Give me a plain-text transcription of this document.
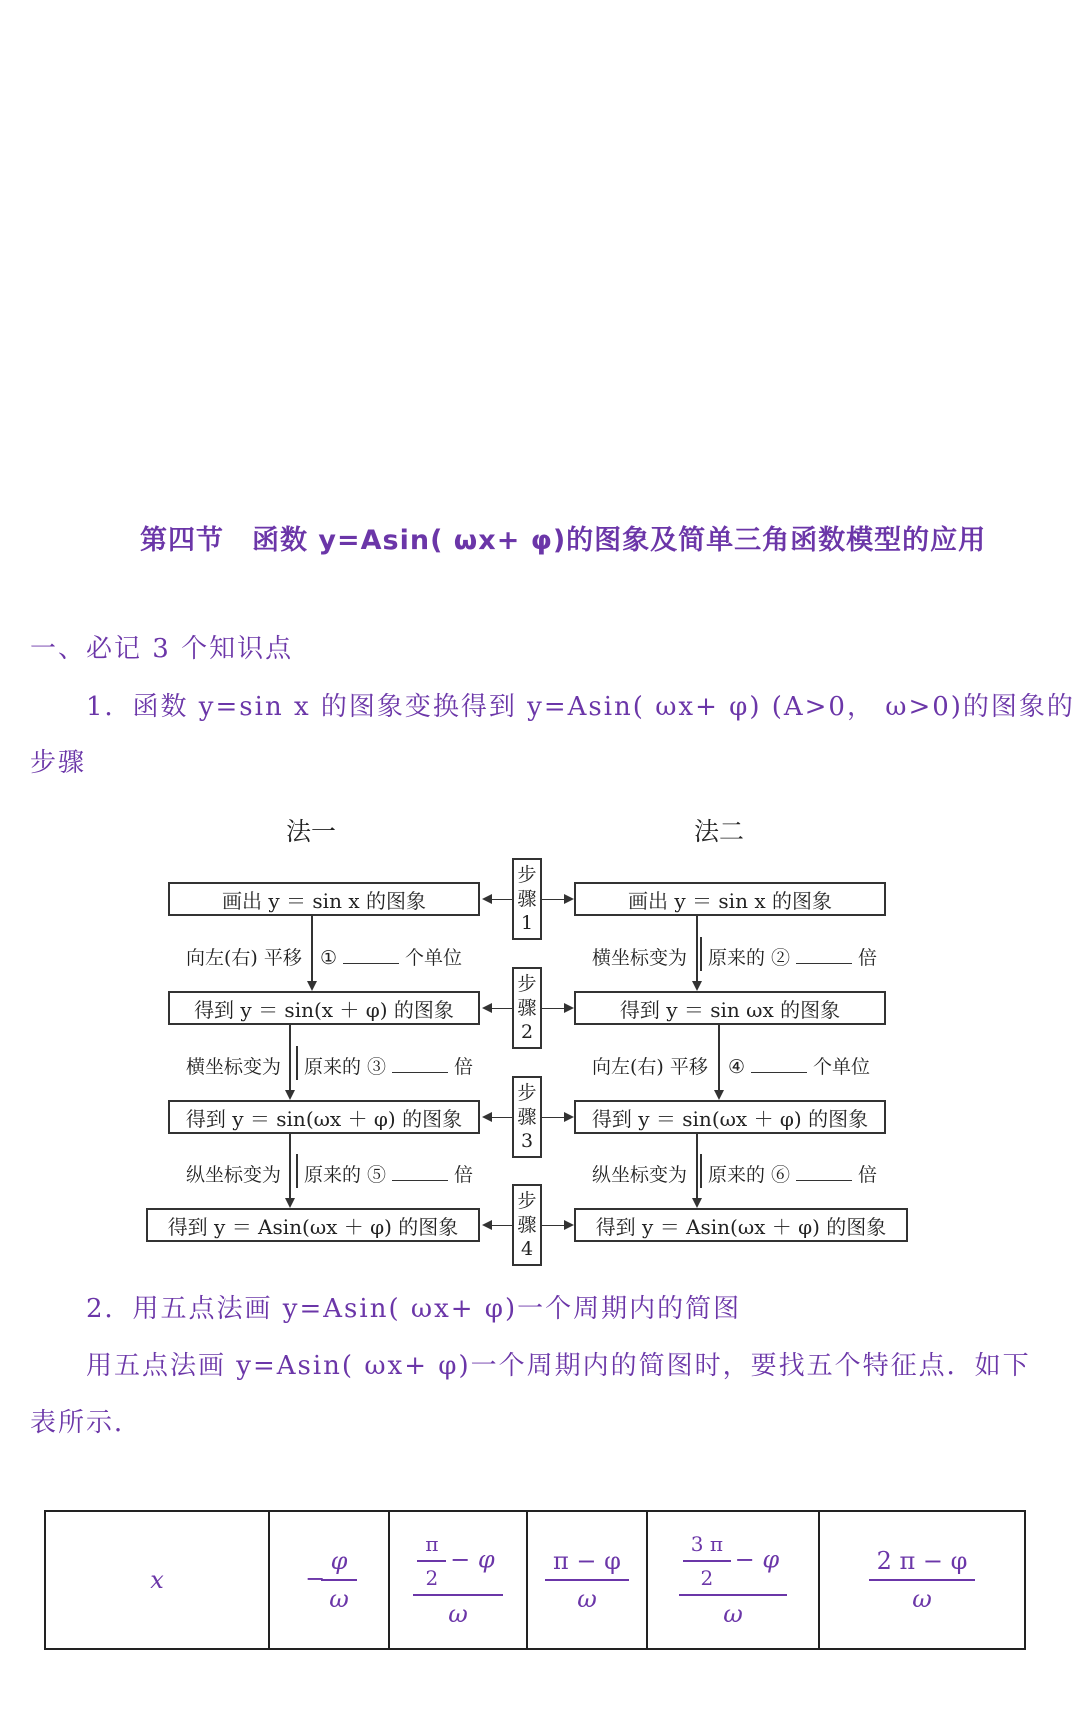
第四节　函数 y=Asin( ωx+ φ)的图象及简单三角函数模型的应用
一、必记 3 个知识点
1．函数 y=sin x 的图象变换得到 y=Asin( ωx+ φ) (A>0， ω>0)的图象的
步骤
法一	法二
画出 y ＝ sin x 的图象
得到 y ＝ sin(x ＋ φ) 的图象
得到 y ＝ sin(ωx ＋ φ) 的图象
得到 y ＝ Asin(ωx ＋ φ) 的图象
画出 y ＝ sin x 的图象
得到 y ＝ sin ωx 的图象
得到 y ＝ sin(ωx ＋ φ) 的图象
得到 y ＝ Asin(ωx ＋ φ) 的图象
步
骤
1
步
骤
2
步
骤
3
步
骤
4
向左(右) 平移 ①	个单位
横坐标变为 原来的 ③	倍
纵坐标变为 原来的 ⑤	倍
横坐标变为 原来的 ②	倍
向左(右) 平移 ④	个单位
纵坐标变为 原来的 ⑥	倍
2．用五点法画 y=Asin( ωx+ φ)一个周期内的简图
用五点法画 y=Asin( ωx+ φ)一个周期内的简图时，要找五个特征点．如下
表所示．
x	− $\frac{\varphi}{\omega}$	$\frac{\frac{\pi}{2} - \varphi}{\omega}$	$\frac{\pi - \varphi}{\omega}$	$\frac{\frac{3 \pi}{2} - \varphi}{\omega}$	$\frac{2 \pi - \varphi}{\omega}$
